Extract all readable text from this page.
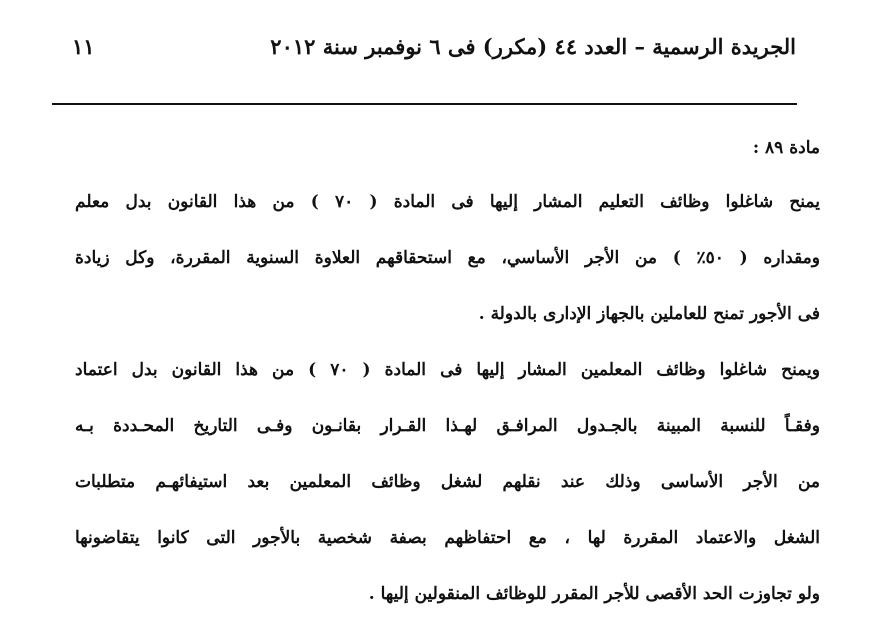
الجريدة الرسمية – العدد ٤٤ (مكرر) فى ٦ نوفمبر سنة ٢٠١٢
١١
مادة ٨٩ :
يمنح شاغلوا وظائف التعليم المشار إليها فى المادة ( ٧٠ ) من هذا القانون بدل معلم
ومقداره ( ٥٠٪ ) من الأجر الأساسي، مع استحقاقهم العلاوة السنوية المقررة، وكل زيادة
فى الأجور تمنح للعاملين بالجهاز الإدارى بالدولة .
ويمنح شاغلوا وظائف المعلمين المشار إليها فى المادة ( ٧٠ ) من هذا القانون بدل اعتماد
وفقـاً للنسبة المبينة بالجـدول المرافـق لهـذا القـرار بقانـون وفـى التاريخ المحـددة بـه
من الأجر الأساسى وذلك عند نقلهم لشغل وظائف المعلمين بعد استيفائهـم متطلبات
الشغل والاعتماد المقررة لها ، مع احتفاظهم بصفة شخصية بالأجور التى كانوا يتقاضونها
ولو تجاوزت الحد الأقصى للأجر المقرر للوظائف المنقولين إليها .
